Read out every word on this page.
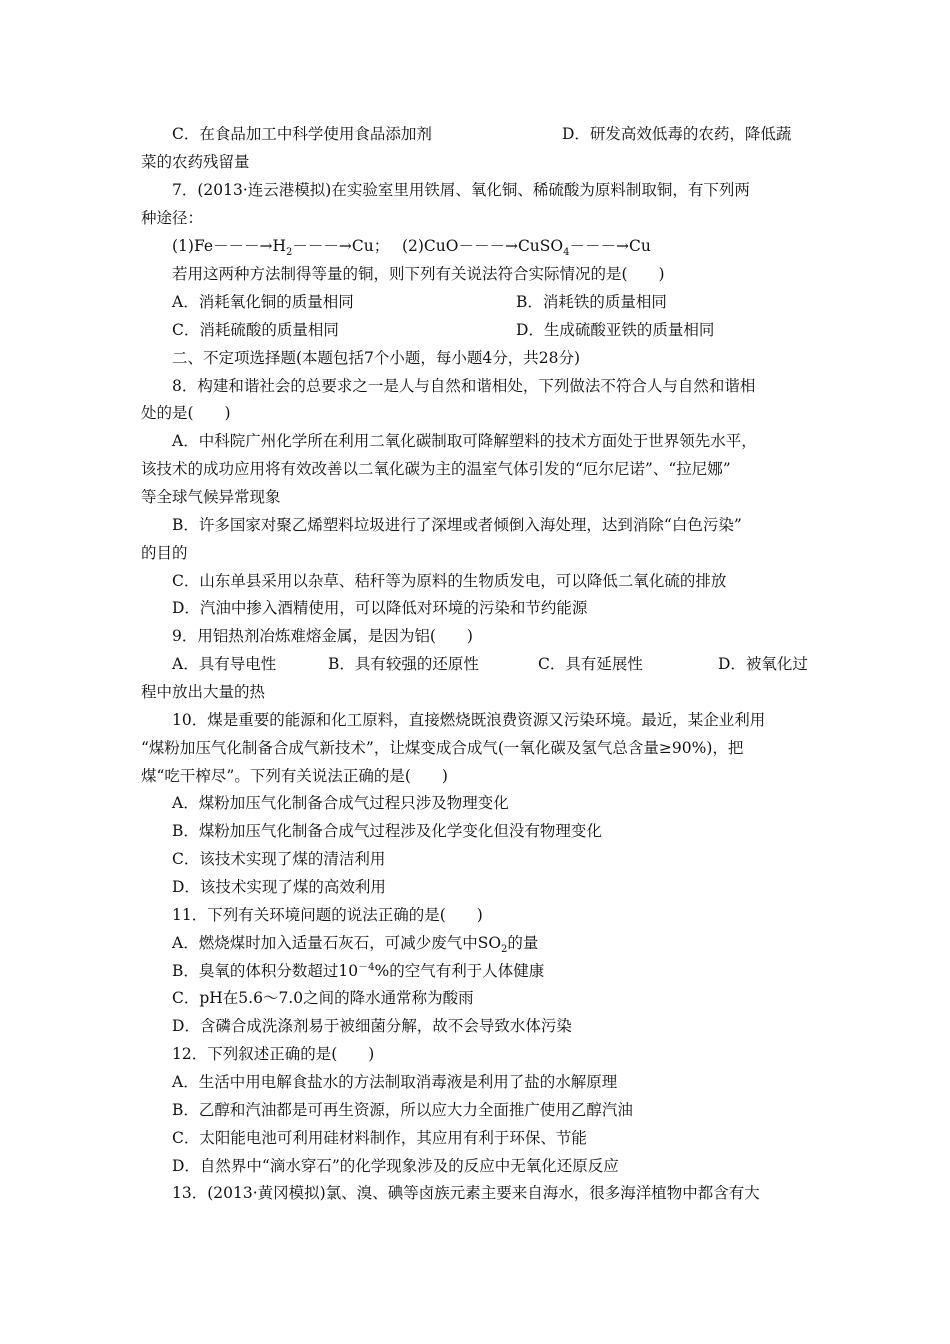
C．在食品加工中科学使用食品添加剂	D．研发高效低毒的农药，降低蔬
菜的农药残留量
7．(2013·连云港模拟)在实验室里用铁屑、氧化铜、稀硫酸为原料制取铜，有下列两
种途径：
$(1)Fe---\to H_2---\to Cu$；　 (2)CuO－－－→CuSO$_4$－－－→Cu
若用这两种方法制得等量的铜，则下列有关说法符合实际情况的是(　　)
A．消耗氧化铜的质量相同	B．消耗铁的质量相同
C．消耗硫酸的质量相同	D．生成硫酸亚铁的质量相同
二、不定项选择题(本题包括7个小题，每小题4分，共28分)
8．构建和谐社会的总要求之一是人与自然和谐相处，下列做法不符合人与自然和谐相
处的是(　　)
A．中科院广州化学所在利用二氧化碳制取可降解塑料的技术方面处于世界领先水平，
该技术的成功应用将有效改善以二氧化碳为主的温室气体引发的“厄尔尼诺”、“拉尼娜”
等全球气候异常现象
B．许多国家对聚乙烯塑料垃圾进行了深埋或者倾倒入海处理，达到消除“白色污染”
的目的
C．山东单县采用以杂草、秸秆等为原料的生物质发电，可以降低二氧化硫的排放
D．汽油中掺入酒精使用，可以降低对环境的污染和节约能源
9．用铝热剂冶炼难熔金属，是因为铝(　　)
A．具有导电性	B．具有较强的还原性	C．具有延展性	D．被氧化过
程中放出大量的热
10．煤是重要的能源和化工原料，直接燃烧既浪费资源又污染环境。最近，某企业利用
“煤粉加压气化制备合成气新技术”，让煤变成合成气(一氧化碳及氢气总含量≥90%)，把
煤“吃干榨尽”。下列有关说法正确的是(　　)
A．煤粉加压气化制备合成气过程只涉及物理变化
B．煤粉加压气化制备合成气过程涉及化学变化但没有物理变化
C．该技术实现了煤的清洁利用
D．该技术实现了煤的高效利用
11．下列有关环境问题的说法正确的是(　　)
A．燃烧煤时加入适量石灰石，可减少废气中$SO_2$的量
B．臭氧的体积分数超过$10^{-4}\%$的空气有利于人体健康
C．pH在5.6～7.0之间的降水通常称为酸雨
D．含磷合成洗涤剂易于被细菌分解，故不会导致水体污染
12．下列叙述正确的是(　　)
A．生活中用电解食盐水的方法制取消毒液是利用了盐的水解原理
B．乙醇和汽油都是可再生资源，所以应大力全面推广使用乙醇汽油
C．太阳能电池可利用硅材料制作，其应用有利于环保、节能
D．自然界中“滴水穿石”的化学现象涉及的反应中无氧化还原反应
13．(2013·黄冈模拟)氯、溴、碘等卤族元素主要来自海水，很多海洋植物中都含有大
